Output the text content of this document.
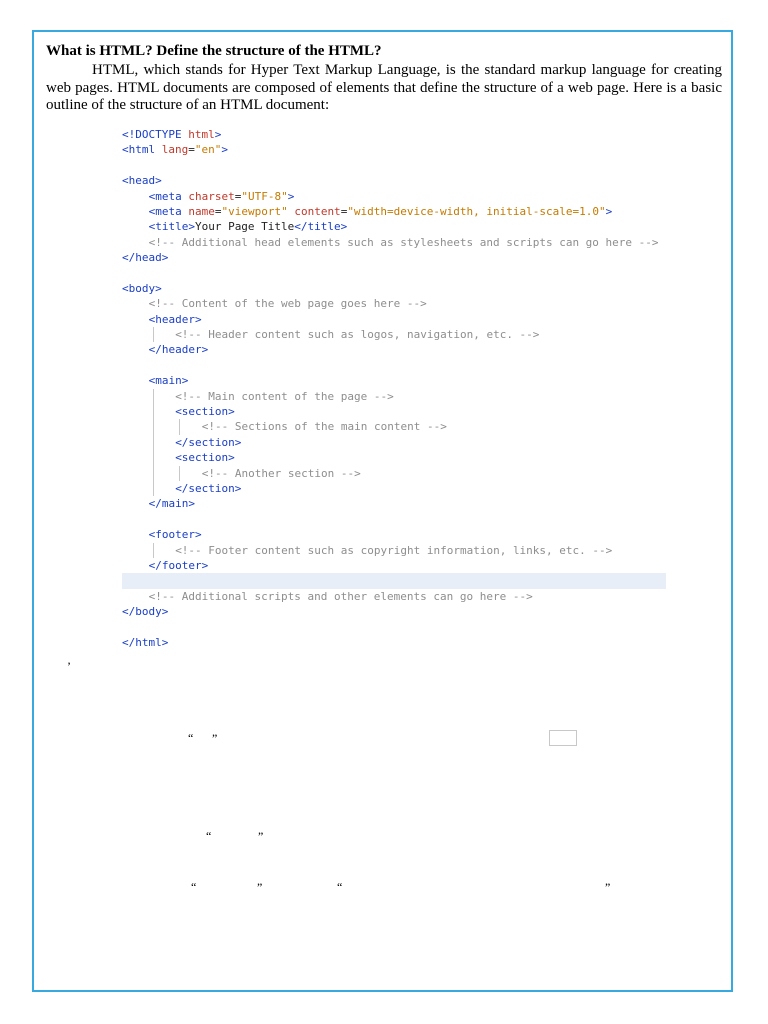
What is HTML? Define the structure of the HTML?

HTML, which stands for Hyper Text Markup Language, is the standard markup language for creating web pages. HTML documents are composed of elements that define the structure of a web page. Here is a basic outline of the structure of an HTML document:

<!DOCTYPE html>
<html lang="en">
<head>
<meta charset="UTF-8">
<meta name="viewport" content="width=device-width, initial-scale=1.0">
<title>Your Page Title</title>
<!-- Additional head elements such as stylesheets and scripts can go here -->
</head>
<body>
<!-- Content of the web page goes here -->
<header>
<!-- Header content such as logos, navigation, etc. -->
</header>
<main>
<!-- Main content of the page -->
<section>
<!-- Sections of the main content -->
</section>
<section>
<!-- Another section -->
</section>
</main>
<footer>
<!-- Footer content such as copyright information, links, etc. -->
</footer>
<!-- Additional scripts and other elements can go here -->
</body>
</html>
’
“ ”
“	”
“	”	“	”
